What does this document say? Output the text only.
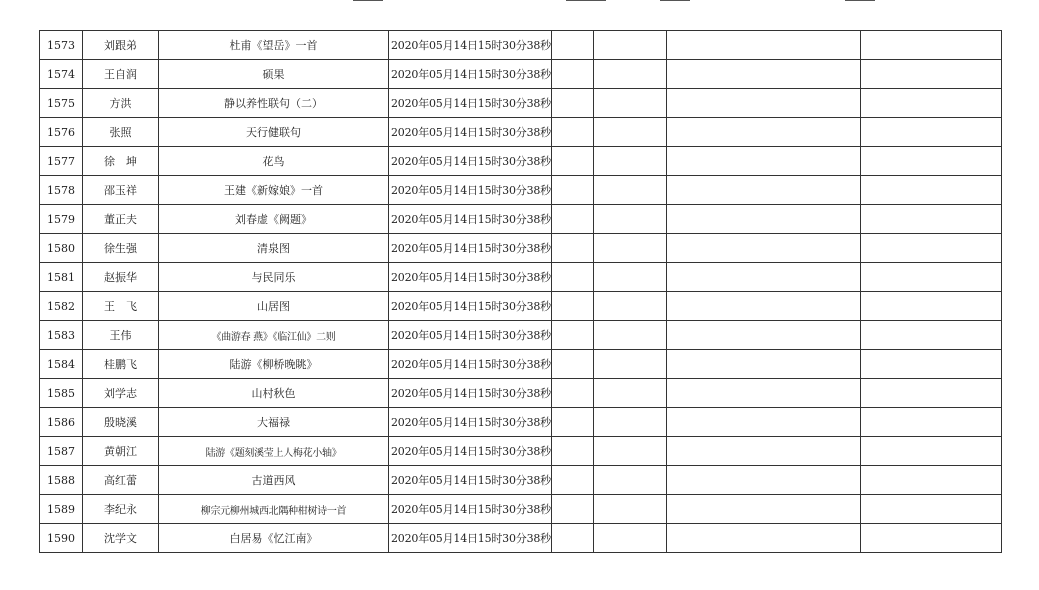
1573	刘跟弟	杜甫《望岳》一首	2020年05月14日15时30分38秒				
1574	王自润	硕果	2020年05月14日15时30分38秒				
1575	方洪	静以养性联句（二）	2020年05月14日15时30分38秒				
1576	张照	天行健联句	2020年05月14日15时30分38秒				
1577	徐　坤	花鸟	2020年05月14日15时30分38秒				
1578	邵玉祥	王建《新嫁娘》一首	2020年05月14日15时30分38秒				
1579	董正夫	刘春虚《阙题》	2020年05月14日15时30分38秒				
1580	徐生强	清泉图	2020年05月14日15时30分38秒				
1581	赵振华	与民同乐	2020年05月14日15时30分38秒				
1582	王　飞	山居图	2020年05月14日15时30分38秒				
1583	王伟	《曲游春 燕》《临江仙》二则	2020年05月14日15时30分38秒				
1584	桂鹏飞	陆游《柳桥晚眺》	2020年05月14日15时30分38秒				
1585	刘学志	山村秋色	2020年05月14日15时30分38秒				
1586	殷晓溪	大福禄	2020年05月14日15时30分38秒				
1587	黄朝江	陆游《题刻溪莹上人梅花小轴》	2020年05月14日15时30分38秒				
1588	高红蕾	古道西风	2020年05月14日15时30分38秒				
1589	李纪永	柳宗元柳州城西北隅种柑树诗一首	2020年05月14日15时30分38秒				
1590	沈学文	白居易《忆江南》	2020年05月14日15时30分38秒				
